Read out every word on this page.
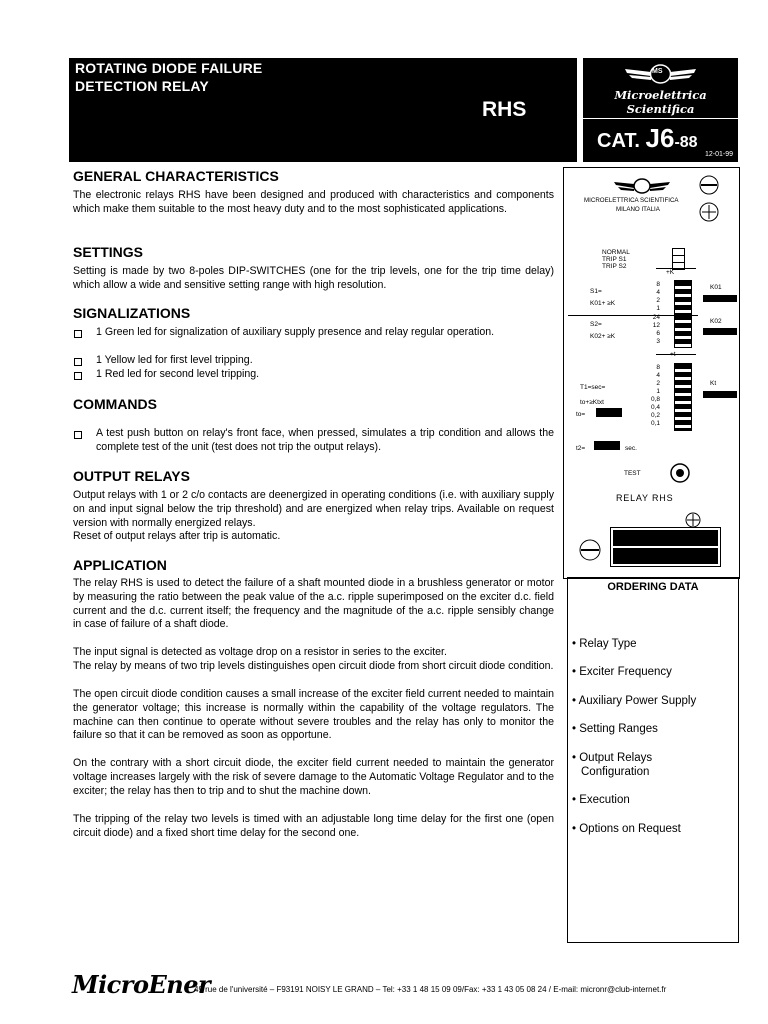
ROTATING DIODE FAILURE
DETECTION RELAY
RHS
MS
Microelettrica Scientifica
CAT. J6-88
12-01-99
GENERAL CHARACTERISTICS
The electronic relays RHS have been designed and produced with characteristics and components which make them suitable to the most heavy duty and to the most sophisticated applications.
SETTINGS
Setting is made by two 8-poles DIP-SWITCHES (one for the trip levels, one for the trip time delay) which allow a wide and sensitive setting range with high resolution.
SIGNALIZATIONS
1 Green led for signalization of auxiliary supply presence and relay regular operation.
1 Yellow led for first level tripping.
1 Red led for second level tripping.
COMMANDS
A test push button on relay's front face, when pressed, simulates a trip condition and allows the complete test of the unit (test does not trip the output relays).
OUTPUT RELAYS
Output relays with 1 or 2 c/o contacts are deenergized in operating conditions (i.e. with auxiliary supply on and input signal below the trip threshold) and are energized when relay trips. Available on request version with normally energized relays.
Reset of output relays after trip is automatic.
APPLICATION
The relay RHS is used to detect the failure of a shaft mounted diode in a brushless generator or motor by measuring the ratio between the peak value of the a.c. ripple superimposed on the exciter d.c. field current and the d.c. current itself; the frequency and the magnitude of the a.c. ripple sensibly change in case of failure of a shaft diode.
The input signal is detected as voltage drop on a resistor in series to the exciter.
The relay by means of two trip levels distinguishes open circuit diode from short circuit diode condition.
The open circuit diode condition causes a small increase of the exciter field current needed to maintain the generator voltage; this increase is normally within the capability of the voltage regulators. The machine can then continue to operate without severe troubles and the relay has only to monitor the failure so that it can be removed as soon as opportune.
On the contrary with a short circuit diode, the exciter field current needed to maintain the generator voltage increases largely with the risk of severe damage to the Automatic Voltage Regulator and to the exciter; the relay has then to trip and to shut the machine down.
The tripping of the relay two levels is timed with an adjustable long time delay for the first one (open circuit diode) and a fixed short time delay for the second one.
MICROELETTRICA SCIENTIFICA
MILANO ITALIA
NORMAL
TRIP S1
TRIP S2
+K
S1=
K01+ ≥K
K01
8
4
2
1
S2=
K02+ ≥K
K02
24
12
6
3
+t
Kt
8
4
2
1
0,8
0,4
0,2
0,1
T1=sec=
to+≥Ktxt
to=
t2=	sec.
TEST
RELAY RHS
ORDERING DATA
• Relay Type
• Exciter Frequency
• Auxiliary Power Supply
• Setting Ranges
• Output Relays Configuration
• Execution
• Options on Request
MicroEner
49 rue de l'université – F93191 NOISY LE GRAND – Tel: +33 1 48 15 09 09/Fax: +33 1 43 05 08 24 / E-mail: micronr@club-internet.fr
